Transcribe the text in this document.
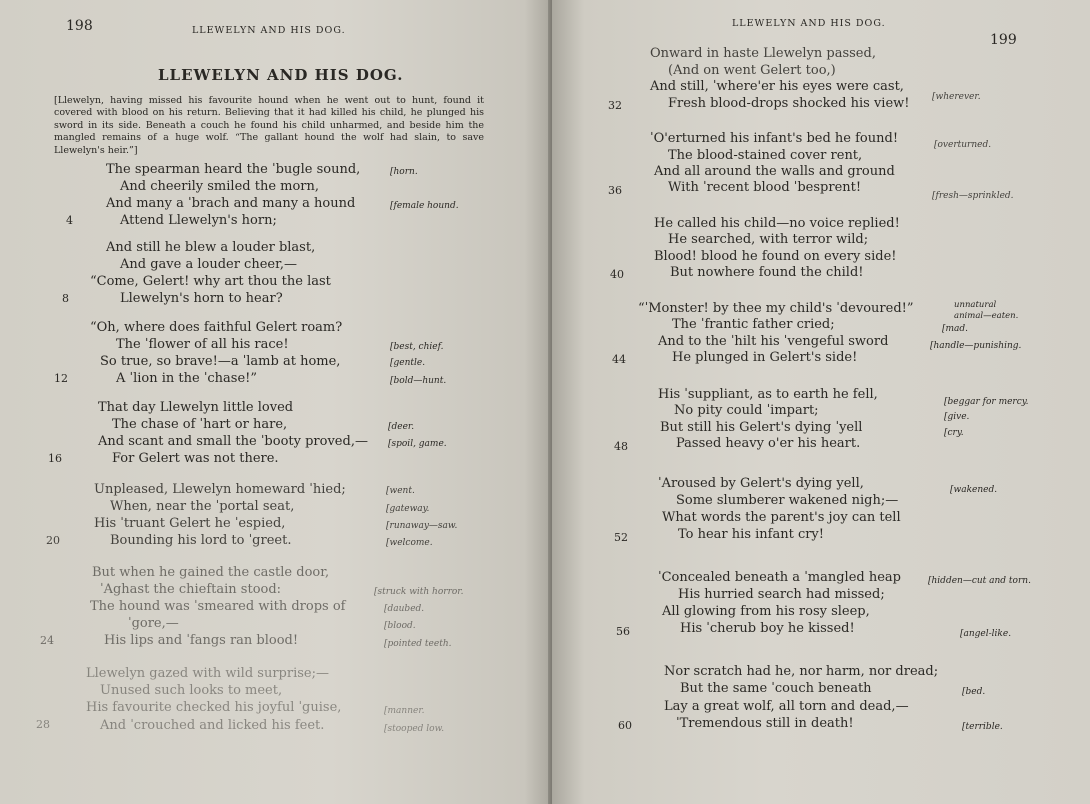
198	LLEWELYN AND HIS DOG.
LLEWELYN AND HIS DOG.
[Llewelyn, having missed his favourite hound when he went out to hunt, found it covered with blood on his return. Believing that it had killed his child, he plunged his sword in its side. Beneath a couch he found his child unharmed, and beside him the mangled remains of a huge wolf. “The gallant hound the wolf had slain, to save Llewelyn's heir.”]
The spearman heard the ˈbugle sound,
And cheerily smiled the morn,
And many a ˈbrach and many a hound
Attend Llewelyn's horn;
[horn.
[female hound.
4
And still he blew a louder blast,
And gave a louder cheer,—
“Come, Gelert! why art thou the last
Llewelyn's horn to hear?
8
“Oh, where does faithful Gelert roam?
The ˈflower of all his race!
So true, so brave!—a ˈlamb at home,
A ˈlion in the ˈchase!”
[best, chief.
[gentle.
[bold—hunt.
12
That day Llewelyn little loved
The chase of ˈhart or hare,
And scant and small the ˈbooty proved,—
For Gelert was not there.
[deer.
[spoil, game.
16
Unpleased, Llewelyn homeward ˈhied;
When, near the ˈportal seat,
His ˈtruant Gelert he ˈespied,
Bounding his lord to ˈgreet.
[went.
[gateway.
[runaway—saw.
[welcome.
20
But when he gained the castle door,
ˈAghast the chieftain stood:
The hound was ˈsmeared with drops of
ˈgore,—
His lips and ˈfangs ran blood!
[struck with horror.
[daubed.
[blood.
[pointed teeth.
24
Llewelyn gazed with wild surprise;—
Unused such looks to meet,
His favourite checked his joyful ˈguise,
And ˈcrouched and licked his feet.
[manner.
[stooped low.
28
LLEWELYN AND HIS DOG.
199
Onward in haste Llewelyn passed,
(And on went Gelert too,)
And still, ˈwhere'er his eyes were cast,
Fresh blood-drops shocked his view!	[wherever.
32
ˈO'erturned his infant's bed he found!
The blood-stained cover rent,
And all around the walls and ground
With ˈrecent blood ˈbesprent!
[overturned.
[fresh—sprinkled.
36
He called his child—no voice replied!
He searched, with terror wild;
Blood! blood he found on every side!
But nowhere found the child!
40
“ˈMonster! by thee my child's ˈdevoured!”
The ˈfrantic father cried;
And to the ˈhilt his ˈvengeful sword
He plunged in Gelert's side!
unnatural
animal—eaten.
[mad.
[handle—punishing.
44
His ˈsuppliant, as to earth he fell,
No pity could ˈimpart;
But still his Gelert's dying ˈyell
Passed heavy o'er his heart.
[beggar for mercy.
[give.
[cry.
48
ˈAroused by Gelert's dying yell,
Some slumberer wakened nigh;—
What words the parent's joy can tell
To hear his infant cry!
[wakened.
52
ˈConcealed beneath a ˈmangled heap
His hurried search had missed;
All glowing from his rosy sleep,
His ˈcherub boy he kissed!
[hidden—cut and torn.
[angel-like.
56
Nor scratch had he, nor harm, nor dread;
But the same ˈcouch beneath
Lay a great wolf, all torn and dead,—
ˈTremendous still in death!
[bed.
[terrible.
60
